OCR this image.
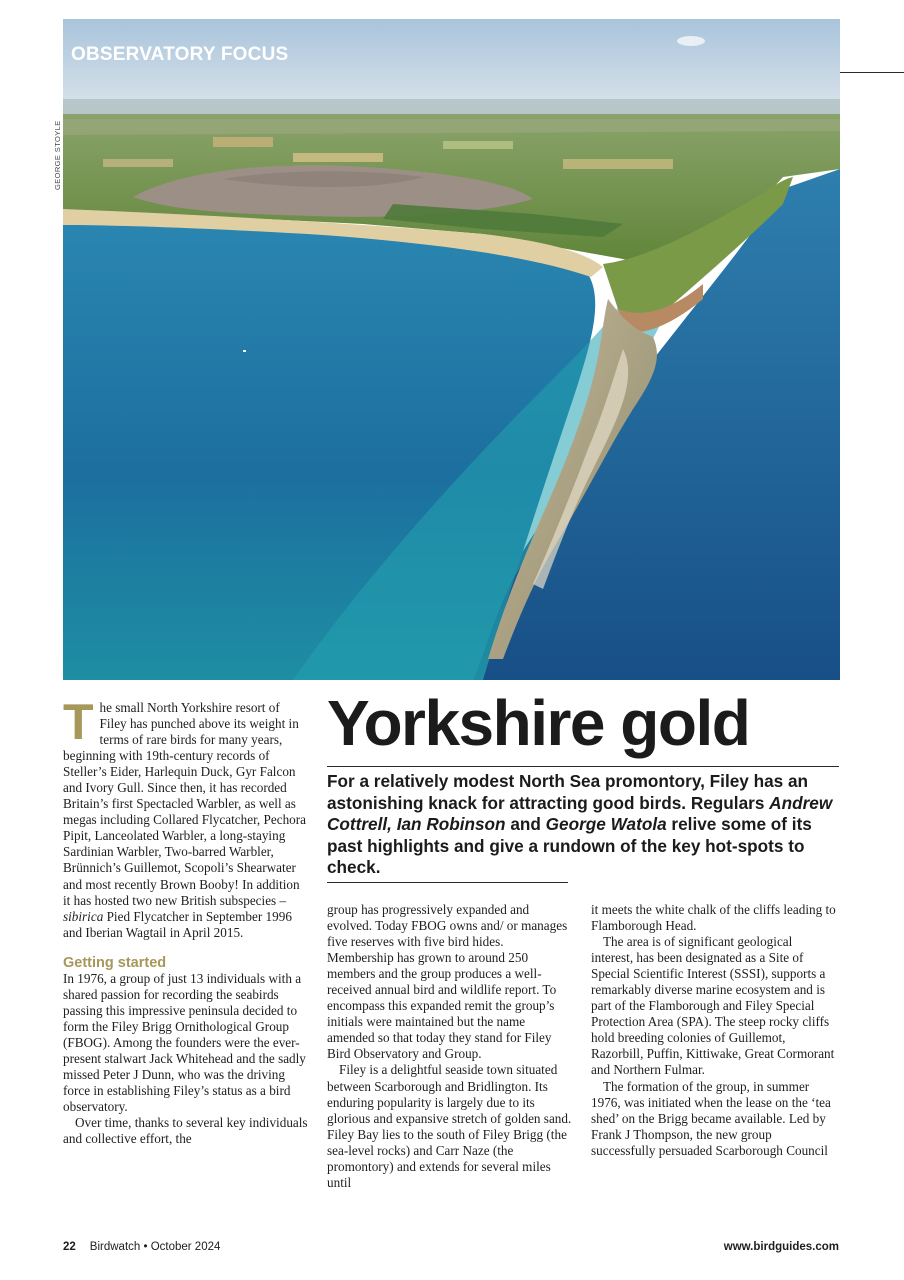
OBSERVATORY FOCUS
GEORGE STOYLE
Yorkshire gold

For a relatively modest North Sea promontory, Filey has an astonishing knack for attracting good birds. Regulars Andrew Cottrell, Ian Robinson and George Watola relive some of its past highlights and give a rundown of the key hot-spots to check.

The small North Yorkshire resort of Filey has punched above its weight in terms of rare birds for many years, beginning with 19th-century records of Steller’s Eider, Harlequin Duck, Gyr Falcon and Ivory Gull. Since then, it has recorded Britain’s first Spectacled Warbler, as well as megas including Collared Flycatcher, Pechora Pipit, Lanceolated Warbler, a long-staying Sardinian Warbler, Two-barred Warbler, Brünnich’s Guillemot, Scopoli’s Shearwater and most recently Brown Booby! In addition it has hosted two new British subspecies – sibirica Pied Flycatcher in September 1996 and Iberian Wagtail in April 2015.

Getting started

In 1976, a group of just 13 individuals with a shared passion for recording the seabirds passing this impressive peninsula decided to form the Filey Brigg Ornithological Group (FBOG). Among the founders were the ever-present stalwart Jack Whitehead and the sadly missed Peter J Dunn, who was the driving force in establishing Filey’s status as a bird observatory.

Over time, thanks to several key individuals and collective effort, the

group has progressively expanded and evolved. Today FBOG owns and/ or manages five reserves with five bird hides. Membership has grown to around 250 members and the group produces a well-received annual bird and wildlife report. To encompass this expanded remit the group’s initials were maintained but the name amended so that today they stand for Filey Bird Observatory and Group.

Filey is a delightful seaside town situated between Scarborough and Bridlington. Its enduring popularity is largely due to its glorious and expansive stretch of golden sand. Filey Bay lies to the south of Filey Brigg (the sea-level rocks) and Carr Naze (the promontory) and extends for several miles until

it meets the white chalk of the cliffs leading to Flamborough Head.

The area is of significant geological interest, has been designated as a Site of Special Scientific Interest (SSSI), supports a remarkably diverse marine ecosystem and is part of the Flamborough and Filey Special Protection Area (SPA). The steep rocky cliffs hold breeding colonies of Guillemot, Razorbill, Puffin, Kittiwake, Great Cormorant and Northern Fulmar.

The formation of the group, in summer 1976, was initiated when the lease on the ‘tea shed’ on the Brigg became available. Led by Frank J Thompson, the new group successfully persuaded Scarborough Council

22 Birdwatch • October 2024	www.birdguides.com
